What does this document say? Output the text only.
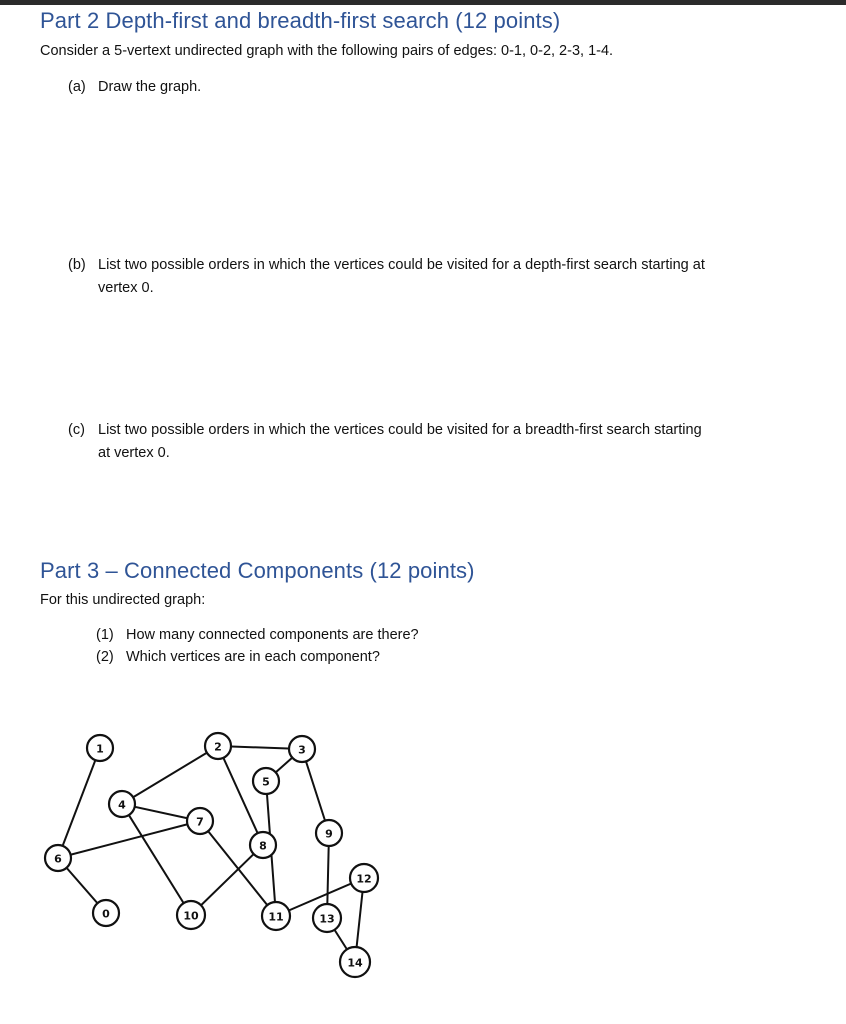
Part 2 Depth-first and breadth-first search (12 points)
Consider a 5-vertext undirected graph with the following pairs of edges: 0-1, 0-2, 2-3, 1-4.
(a) Draw the graph.
(b) List two possible orders in which the vertices could be visited for a depth-first search starting at
vertex 0.
(c) List two possible orders in which the vertices could be visited for a breadth-first search starting
at vertex 0.
Part 3 – Connected Components (12 points)
For this undirected graph:
(1) How many connected components are there?
(2) Which vertices are in each component?
1	2	3
4
5
6
7
8
9
10	11
12
13
14
0
